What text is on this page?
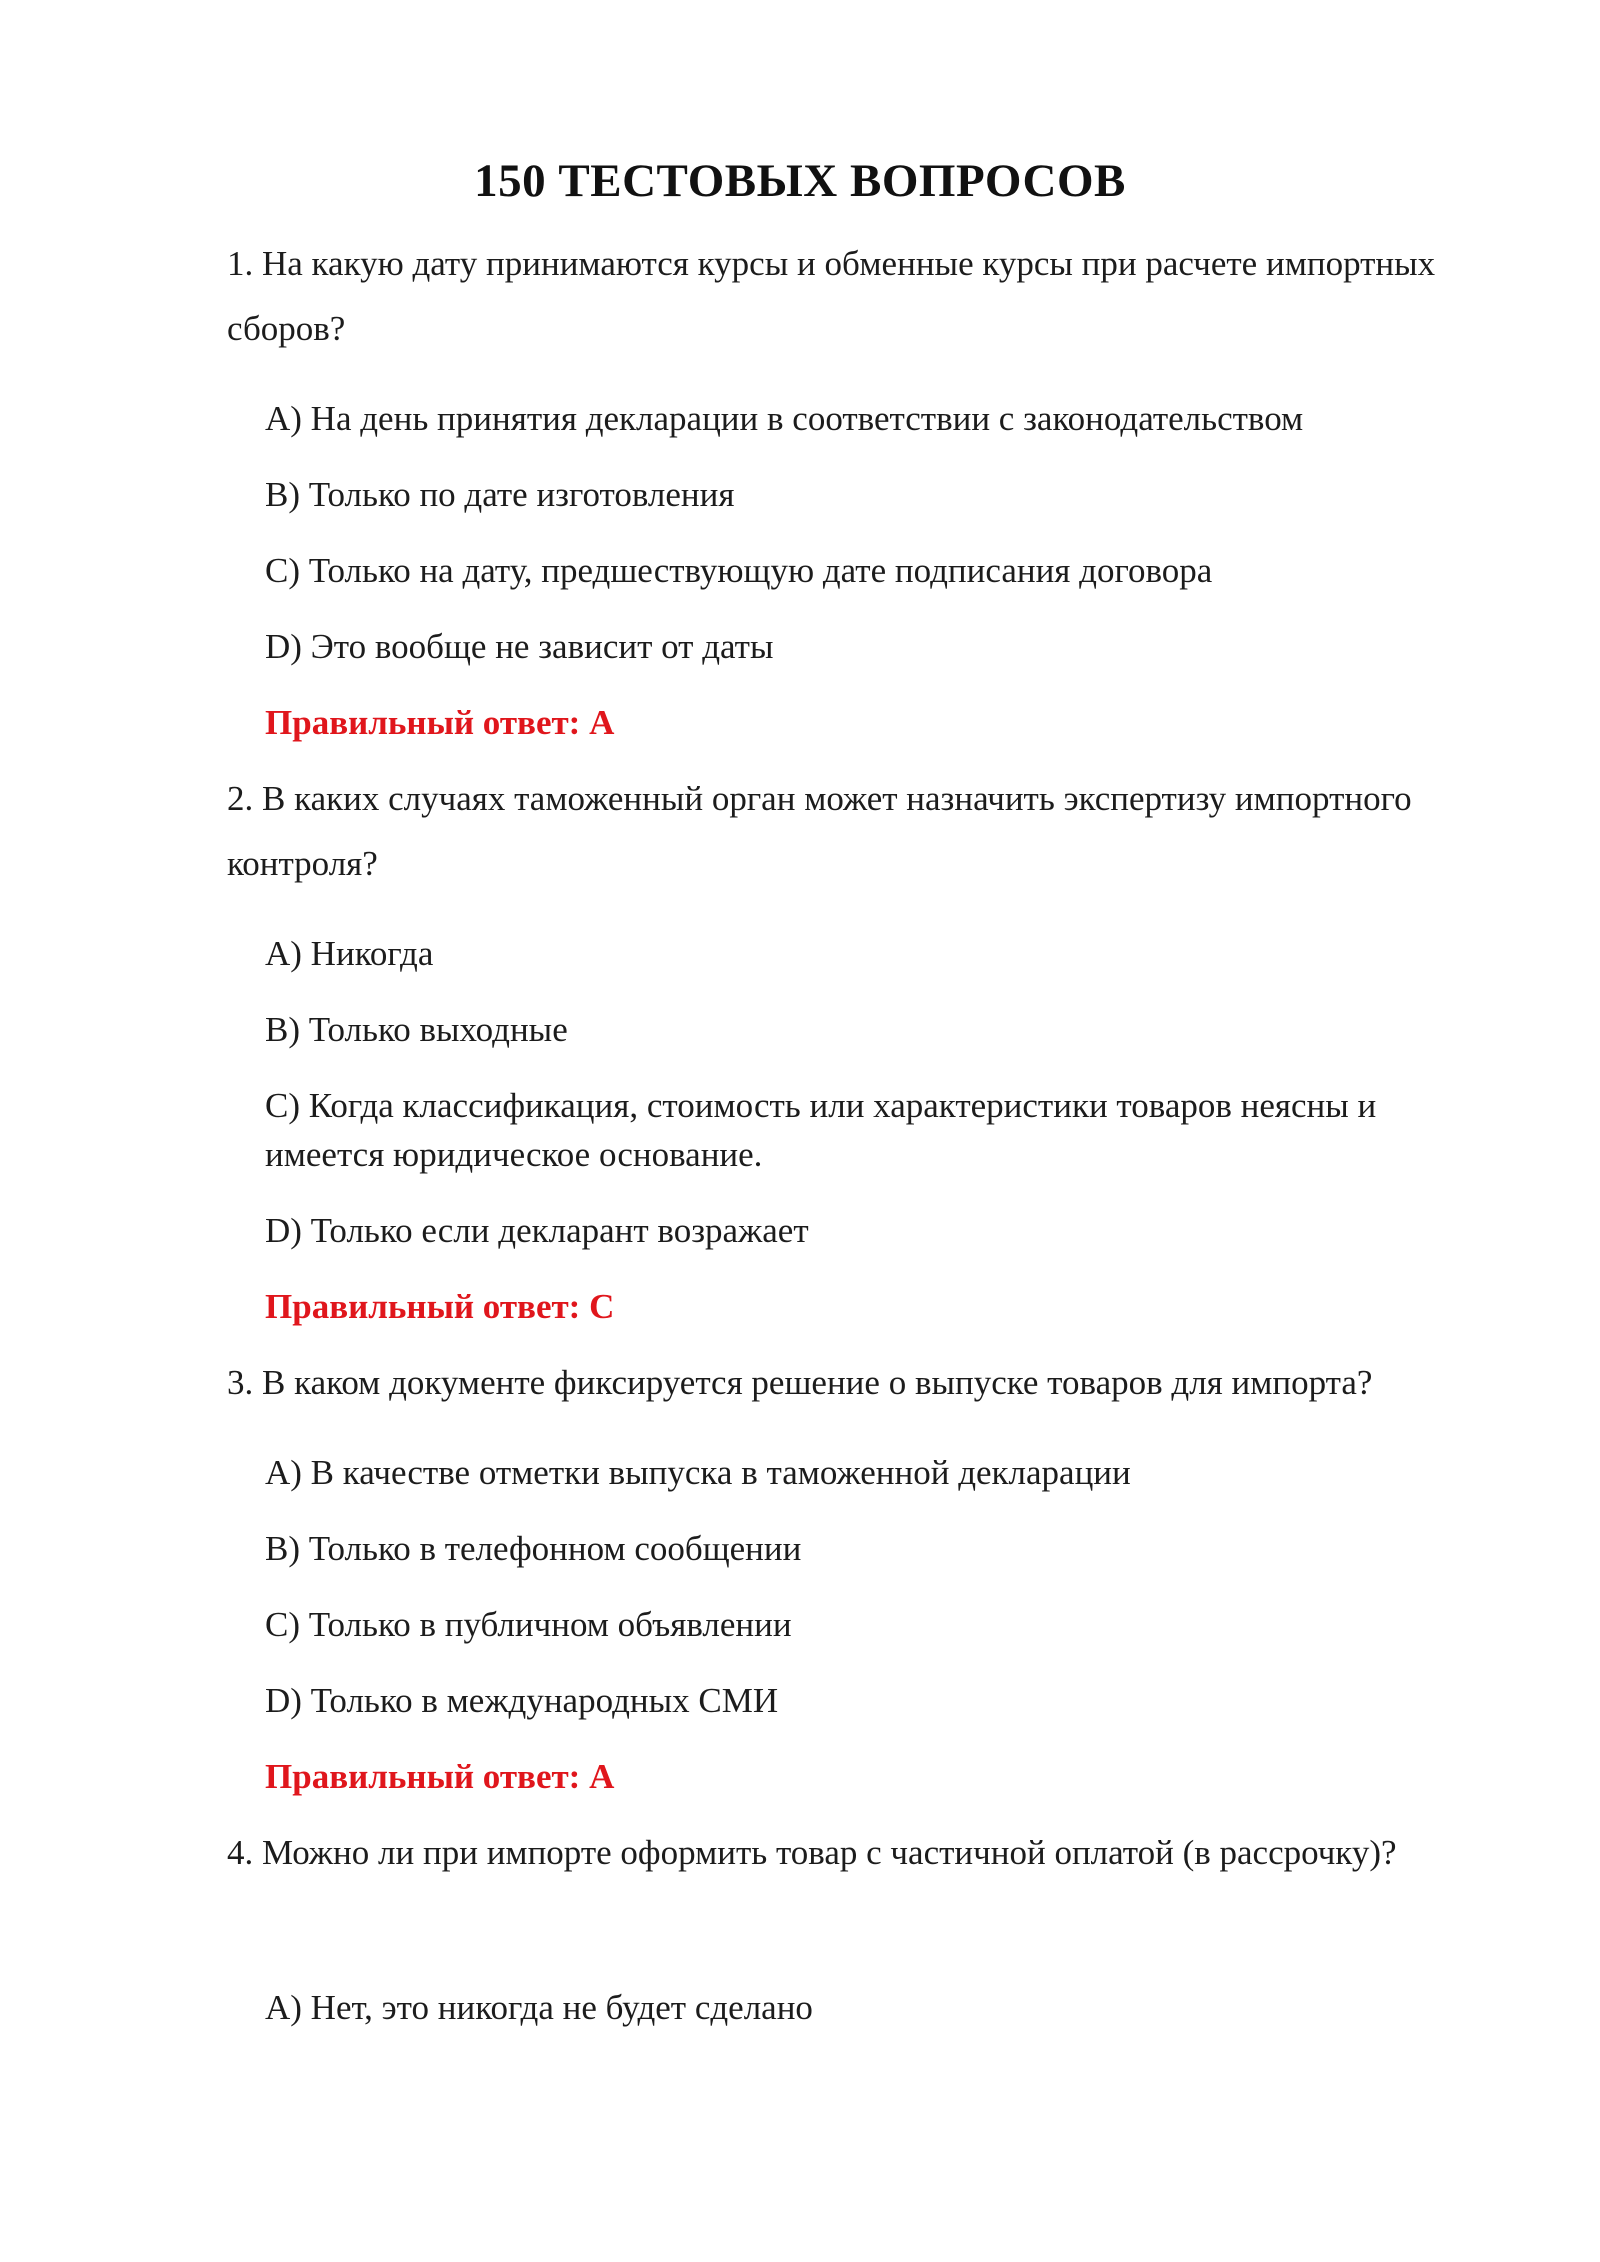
150 ТЕСТОВЫХ ВОПРОСОВ
1. На какую дату принимаются курсы и обменные курсы при расчете импортных сборов?
A) На день принятия декларации в соответствии с законодательством
B) Только по дате изготовления
C) Только на дату, предшествующую дате подписания договора
D) Это вообще не зависит от даты
Правильный ответ: A
2. В каких случаях таможенный орган может назначить экспертизу импортного контроля?
A) Никогда
B) Только выходные
C) Когда классификация, стоимость или характеристики товаров неясны и имеется юридическое основание.
D) Только если декларант возражает
Правильный ответ: C
3. В каком документе фиксируется решение о выпуске товаров для импорта?
A) В качестве отметки выпуска в таможенной декларации
B) Только в телефонном сообщении
C) Только в публичном объявлении
D) Только в международных СМИ
Правильный ответ: A
4. Можно ли при импорте оформить товар с частичной оплатой (в рассрочку)?
A) Нет, это никогда не будет сделано
